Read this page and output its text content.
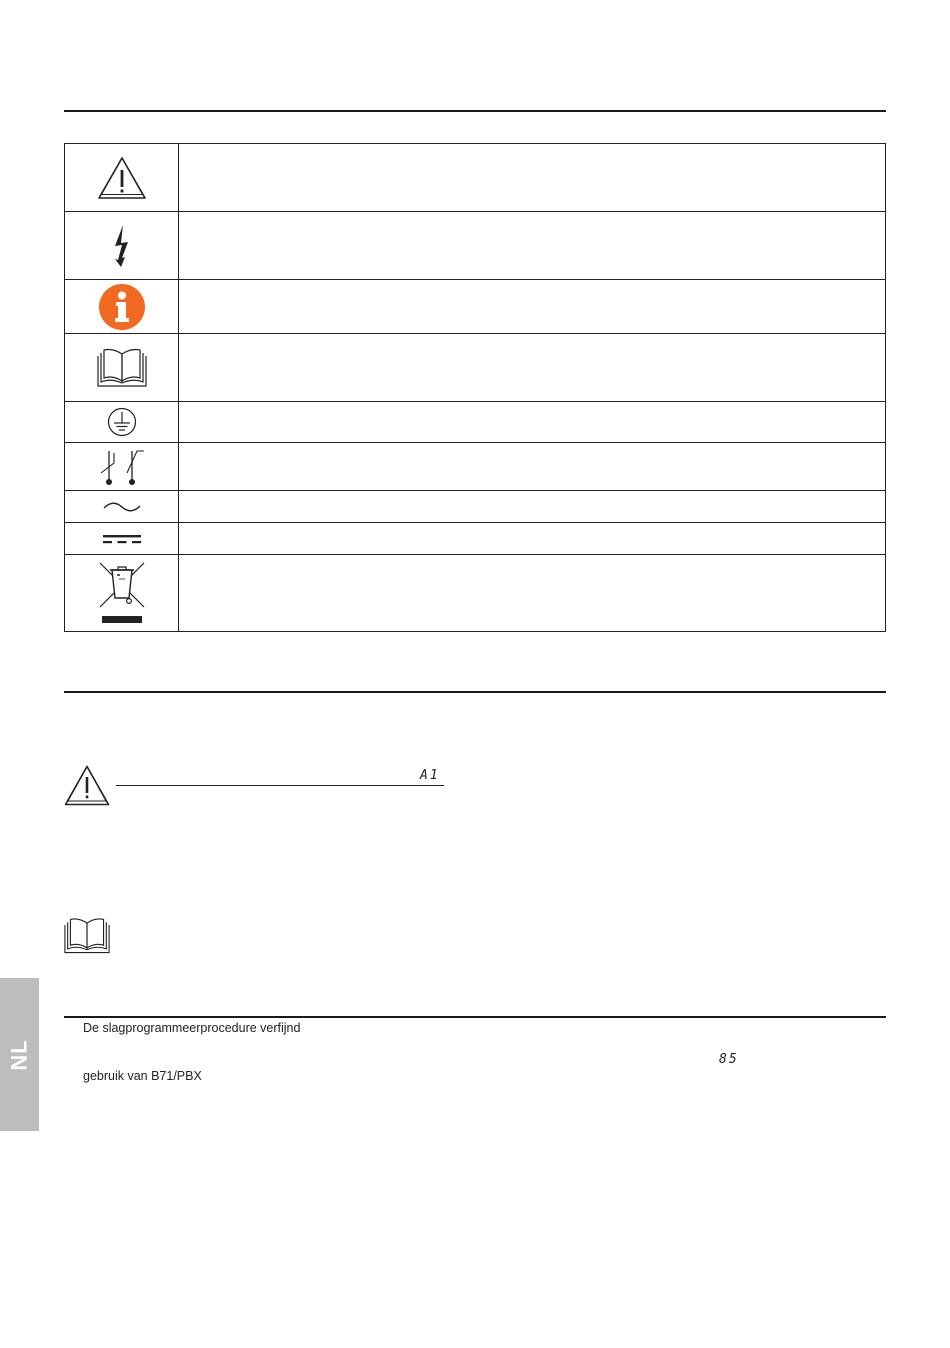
A1
De slagprogrammeerprocedure verfijnd
85
gebruik van B71/PBX
NL
